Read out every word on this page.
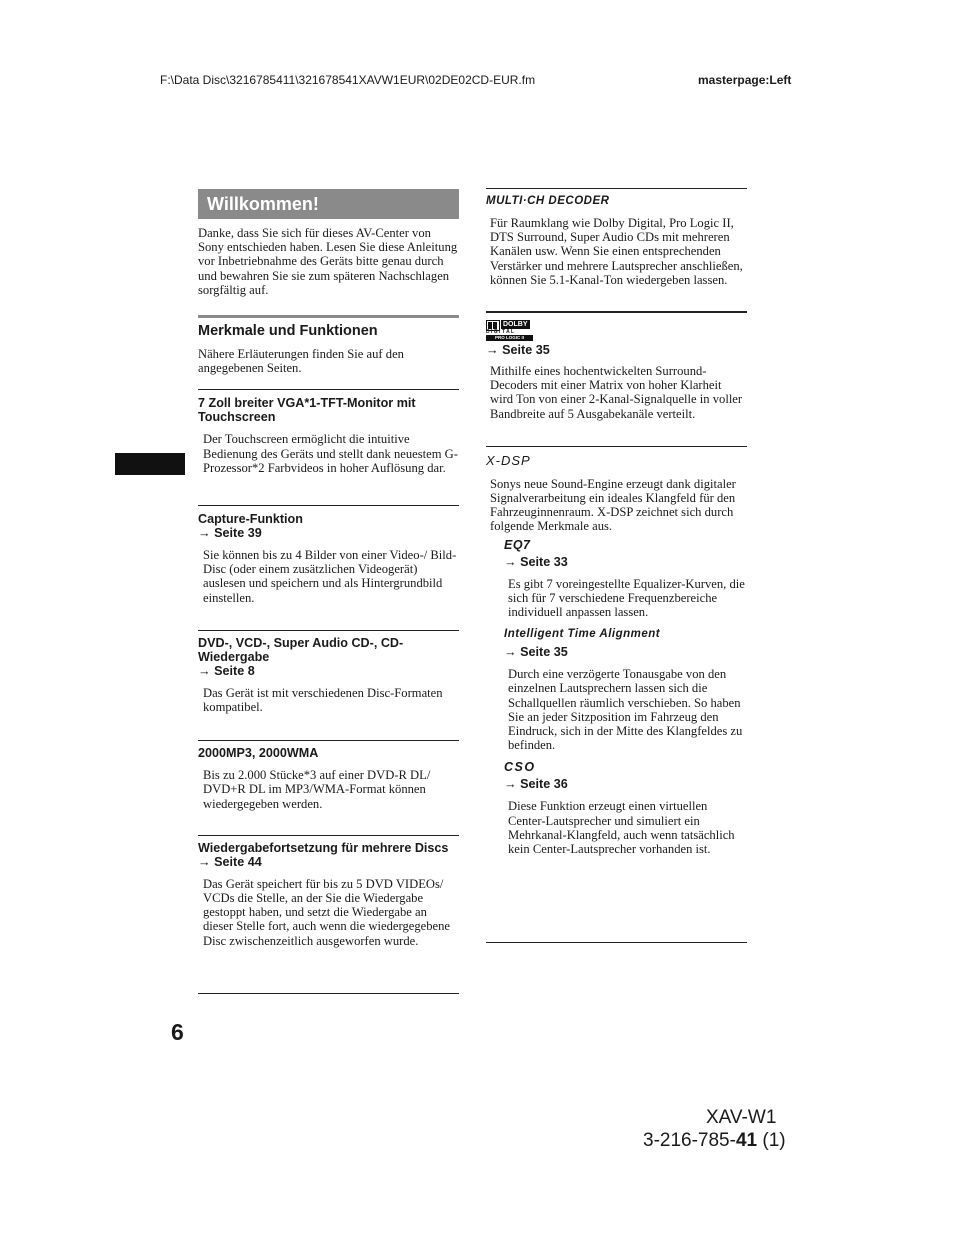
F:\Data Disc\3216785411\321678541XAVW1EUR\02DE02CD-EUR.fm	masterpage:Left
Willkommen!

Danke, dass Sie sich für dieses AV-Center von Sony entschieden haben. Lesen Sie diese Anleitung vor Inbetriebnahme des Geräts bitte genau durch und bewahren Sie sie zum späteren Nachschlagen sorgfältig auf.

Merkmale und Funktionen

Nähere Erläuterungen finden Sie auf den angegebenen Seiten.

7 Zoll breiter VGA*1-TFT-Monitor mit Touchscreen

Der Touchscreen ermöglicht die intuitive Bedienung des Geräts und stellt dank neuestem G-Prozessor*2 Farbvideos in hoher Auflösung dar.

Capture-Funktion

→ Seite 39

Sie können bis zu 4 Bilder von einer Video-/ Bild-Disc (oder einem zusätzlichen Videogerät) auslesen und speichern und als Hintergrundbild einstellen.

DVD-, VCD-, Super Audio CD-, CD-Wiedergabe

→ Seite 8

Das Gerät ist mit verschiedenen Disc-Formaten kompatibel.

2000MP3, 2000WMA

Bis zu 2.000 Stücke*3 auf einer DVD-R DL/ DVD+R DL im MP3/WMA-Format können wiedergegeben werden.

Wiedergabefortsetzung für mehrere Discs

→ Seite 44

Das Gerät speichert für bis zu 5 DVD VIDEOs/ VCDs die Stelle, an der Sie die Wiedergabe gestoppt haben, und setzt die Wiedergabe an dieser Stelle fort, auch wenn die wiedergegebene Disc zwischenzeitlich ausgeworfen wurde.

MULTI·CH DECODER

Für Raumklang wie Dolby Digital, Pro Logic II, DTS Surround, Super Audio CDs mit mehreren Kanälen usw. Wenn Sie einen entsprechenden Verstärker und mehrere Lautsprecher anschließen, können Sie 5.1-Kanal-Ton wiedergeben lassen.

DOLBY
D I G I T A L
PRO LOGIC II

→ Seite 35

Mithilfe eines hochentwickelten Surround-Decoders mit einer Matrix von hoher Klarheit wird Ton von einer 2-Kanal-Signalquelle in voller Bandbreite auf 5 Ausgabekanäle verteilt.

X-DSP

Sonys neue Sound-Engine erzeugt dank digitaler Signalverarbeitung ein ideales Klangfeld für den Fahrzeuginnenraum. X-DSP zeichnet sich durch folgende Merkmale aus.

EQ7

→ Seite 33

Es gibt 7 voreingestellte Equalizer-Kurven, die sich für 7 verschiedene Frequenzbereiche individuell anpassen lassen.

Intelligent Time Alignment

→ Seite 35

Durch eine verzögerte Tonausgabe von den einzelnen Lautsprechern lassen sich die Schallquellen räumlich verschieben. So haben Sie an jeder Sitzposition im Fahrzeug den Eindruck, sich in der Mitte des Klangfeldes zu befinden.

CSO

→ Seite 36

Diese Funktion erzeugt einen virtuellen Center-Lautsprecher und simuliert ein Mehrkanal-Klangfeld, auch wenn tatsächlich kein Center-Lautsprecher vorhanden ist.

6
XAV-W1
3-216-785-41 (1)
